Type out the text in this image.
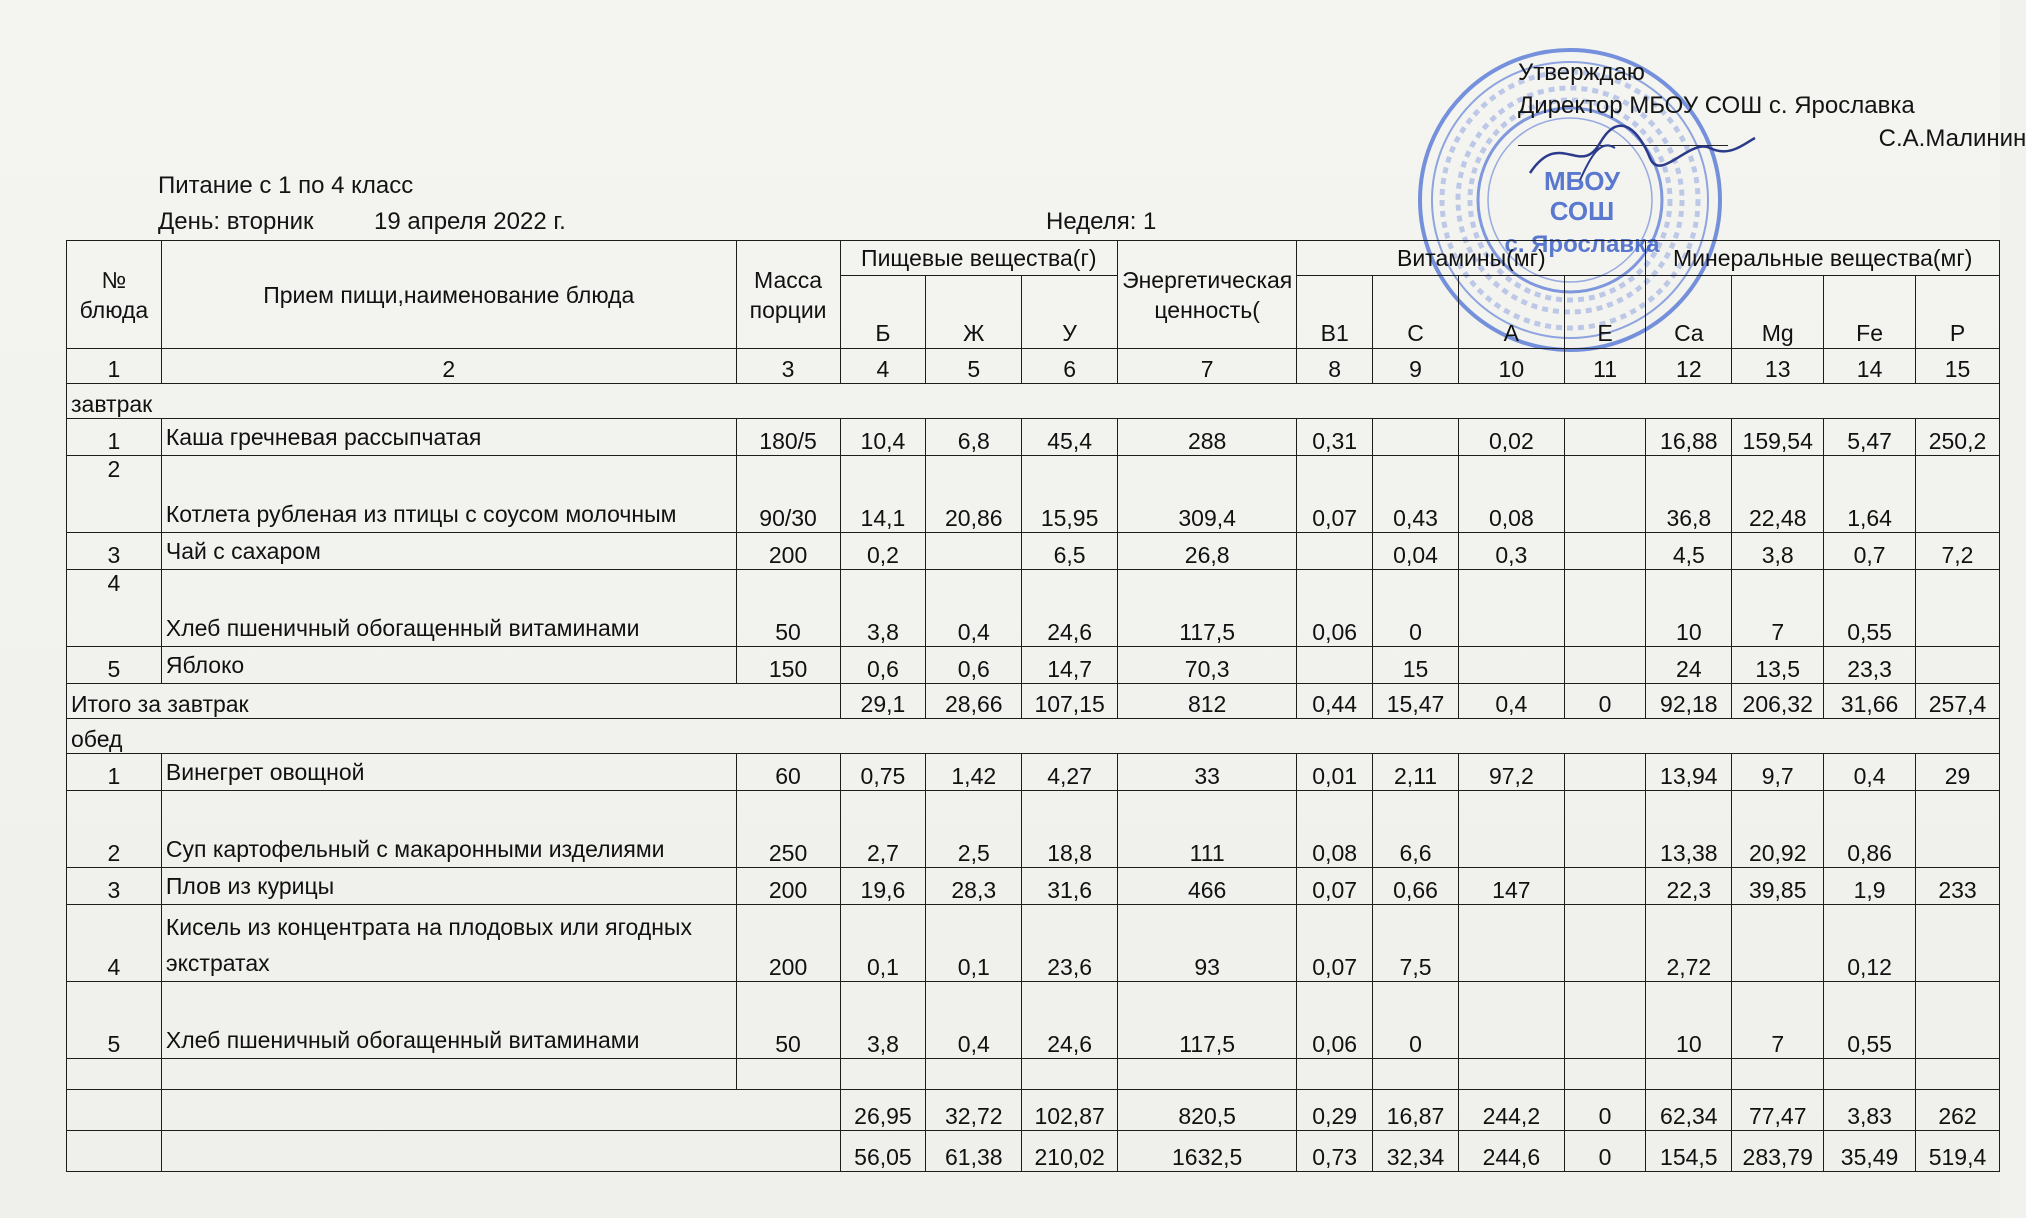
МБОУ
СОШ
с. Ярославка
Утверждаю
Директор МБОУ СОШ с. Ярославка
С.А.Малинин
Питание с 1 по 4 класс
День: вторник	19 апреля 2022 г.	Неделя: 1
№ блюда	Прием пищи,наименование блюда	Масса порции	Пищевые вещества(г)			Энергетическая ценность(	Витамины(мг)				Минеральные вещества(мг)			
			Б	Ж	У		В1	С	А	Е	Ca	Mg	Fe	P
1	2	3	4	5	6	7	8	9	10	11	12	13	14	15
завтрак														
1	Каша гречневая рассыпчатая	180/5	10,4	6,8	45,4	288	0,31		0,02		16,88	159,54	5,47	250,2
2	Котлета рубленая из птицы с соусом молочным	90/30	14,1	20,86	15,95	309,4	0,07	0,43	0,08		36,8	22,48	1,64	
3	Чай с сахаром	200	0,2		6,5	26,8		0,04	0,3		4,5	3,8	0,7	7,2
4	Хлеб пшеничный обогащенный витаминами	50	3,8	0,4	24,6	117,5	0,06	0			10	7	0,55	
5	Яблоко	150	0,6	0,6	14,7	70,3		15			24	13,5	23,3	
Итого за завтрак			29,1	28,66	107,15	812	0,44	15,47	0,4	0	92,18	206,32	31,66	257,4
обед														
1	Винегрет овощной	60	0,75	1,42	4,27	33	0,01	2,11	97,2		13,94	9,7	0,4	29
2	Суп картофельный с макаронными изделиями	250	2,7	2,5	18,8	111	0,08	6,6			13,38	20,92	0,86	
3	Плов из курицы	200	19,6	28,3	31,6	466	0,07	0,66	147		22,3	39,85	1,9	233
4	Кисель из концентрата на плодовых или ягодных экстратах	200	0,1	0,1	23,6	93	0,07	7,5			2,72		0,12	
5	Хлеб пшеничный обогащенный витаминами	50	3,8	0,4	24,6	117,5	0,06	0			10	7	0,55	

			26,95	32,72	102,87	820,5	0,29	16,87	244,2	0	62,34	77,47	3,83	262
			56,05	61,38	210,02	1632,5	0,73	32,34	244,6	0	154,5	283,79	35,49	519,4
